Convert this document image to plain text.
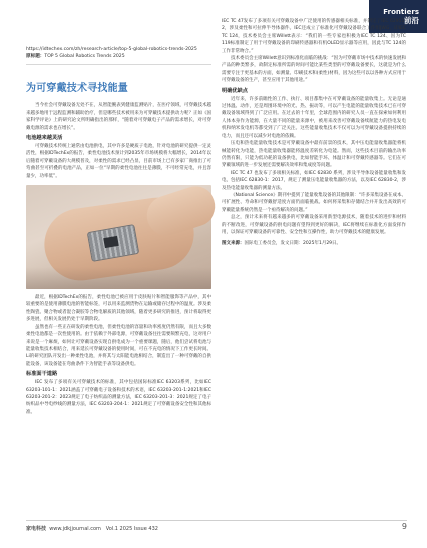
Frontiers
前沿
https://idtechex.com/zh/research-article/top-5-global-robotics-trends-2025
原标题：TOP 5 Global Robotics Trends 2025
为可穿戴技术寻找能量

当今社会可穿戴设备无处不在，从智能腕表到健康监测贴片，在医疗领域，可穿戴技术越来越多地用于远程监测和辅助治疗，但是哪些技术被用来为可穿戴技术提供动力呢？正如《国家科学评论》上的研究论文所明确指出的那样，“随着对可穿戴电子产品的需求增长，对可穿戴电源的需求也在增长”。

电池越来越灵活

可穿戴技术传统上通常由电池供电，其中许多是硬质子电池，针对电池的研究提供一定灵活性，根据IDTechEx的报告，柔性电池技术预计到2035年市场规模将大幅增长，2014年以后随着可穿戴设备的大规模普及，对柔性的需求已经凸显，目前市场上已有多家厂商推出了可弯曲甚至可折叠的电池产品，正如一位“早期的柔性电池往往是薄膜，不可经常充电，并且容量少，功率低”。

最近，根据IDTechEx的报告，柔性电池已被应用于皮肤贴片和智能服饰等产品中，其中较重要的是使用薄膜电池的智能标签，可以用来监测货物在运输或储存过程中的温度。涉及柔性陶瓷、聚合物或者混合凝胶等合物电解质的其他领域，随着更多研究的推进，预计将取得更多进展，但相关发展仍处于早期阶段。

虽然也有一些正在研发的柔性电池，但柔性电池的容量和功率密度仍然有限，而且大多数柔性电池都是一次性使用的。由于依赖于外部电源，可穿戴设备往往需要频繁充电，这对用户来说是一个麻烦，如何让可穿戴设备实现自供电成为一个重要课题，随后，他们尝试将电池与能量收集技术相结合，用来延长可穿戴设备的使用时间，可在不充电的情况下工作更长时间。Li的研究团队开发出一种柔性电池，并将其与太阳能电池相结合，制造出了一种可穿戴的自供能设备，该设备能在弯曲条件下为智能手表等设备供电。

标准面干道路

IEC 发布了多项有关可穿戴技术的标准，其中包括国际标准IEC 63203系列，比如IEC 63203-101-1：2021涵盖了可穿戴电子设备和技术的术语，IEC 63203-201-1:2021和IEC 63203-201-2：2023规定了电子纺织品的测量方法，IEC 63203-201-3：2021规定了电子纺织品中导电纱线的测量方法，IEC 63203-204-1：2021规定了可穿戴设备安全性和其他标准。

IEC TC 47发布了多项有关可穿戴设备中广泛使用的传感器相关标准，并制定了IEC 62951-2，涉及柔性和可拉伸半导体器件。IEC还成立了标准化可穿戴设备联合工作组JWG，即IEC TC 124，技术委员会主席Willett表示：“我们的一些专家也积极为IEC TC 124、因为TC 119标准制定了用于可穿戴设备的印刷传感器和有机OLED显示器等应用，因此与TC 124的工作非常吻合。”

技术委员会主席Willett意识到标准化面临的挑战：“因为可穿戴市场中技术的快速发展和产品的种类繁多，故制定标准所需的时间可能比某些类型的可穿戴设备要长，这就是为什么需要专注于更基本的方面，如测量、印刷技术和(柔性)材料，因为这些可以以各种方式应用于可穿戴设备的生产，甚至应用于其他用途。”

明确优缺点

近年来，许多前瞻性的工作、执行、项目都集中在可穿戴设备的能量收集上。无论是通过体温、动作，还是周围环境中的光、热、振动等，可以产生电能的能量收集技术已在可穿戴设备领域得到了广泛应用。在过去的十年里，全球范围内的研究人员一直在探索如何利用人体本身作为能源，在大量不同的能量来源中，被用来改善可穿戴设备续航能力的热电发电机和纳米发电机等都受到了广泛关注。这些能量收集技术不仅可以为可穿戴设备提供持续的电力，而且还可以减少对电池的依赖。

压电和热电能量收集技术是可穿戴设备中最有前景的技术，其中压电能量收集器能将机械能转化为电能，热电能量收集器能将温度差转化为电能。然而，这些技术目前的输出功率仍然有限，只能为低功耗的设备供电，比如智能手环、体温计和可穿戴传感器等。它们在可穿戴领域的进一步发展还需要解决效率和集成度等问题。

IEC TC 47 也发布了多项相关标准，如IEC 62830 系列，涉及半导体设备能量收集和发电，包括IEC 62830-1：2017，规定了测量压电能量收集器的方法，以及IEC 62830-2，涉及热电能量收集器的测量方法。

《National Science》期刊中提到了能量收集设备的其他限制：“许多采集设备在成本、可扩展性、寿命和可穿戴舒适度方面仍面临挑战。如何将采集和存储结合并开发出高效的可穿戴能量系统仍然是一个亟待解决的问题。”

总之，预计未来将有越来越多的可穿戴设备采用新型电源技术，随着技术的进步和材料的不断改进，可穿戴设备的供电问题有望得到更好的解决，IEC将继续在标准化方面发挥作用，以保证可穿戴设备的可靠性、安全性和互操作性，助力可穿戴技术的健康发展。

图文来源：国际电工委员会，发文日期：2025年1月29日。
家电科技 www.jdkjjournal.com Vol.1 2025 Issue 432	9
